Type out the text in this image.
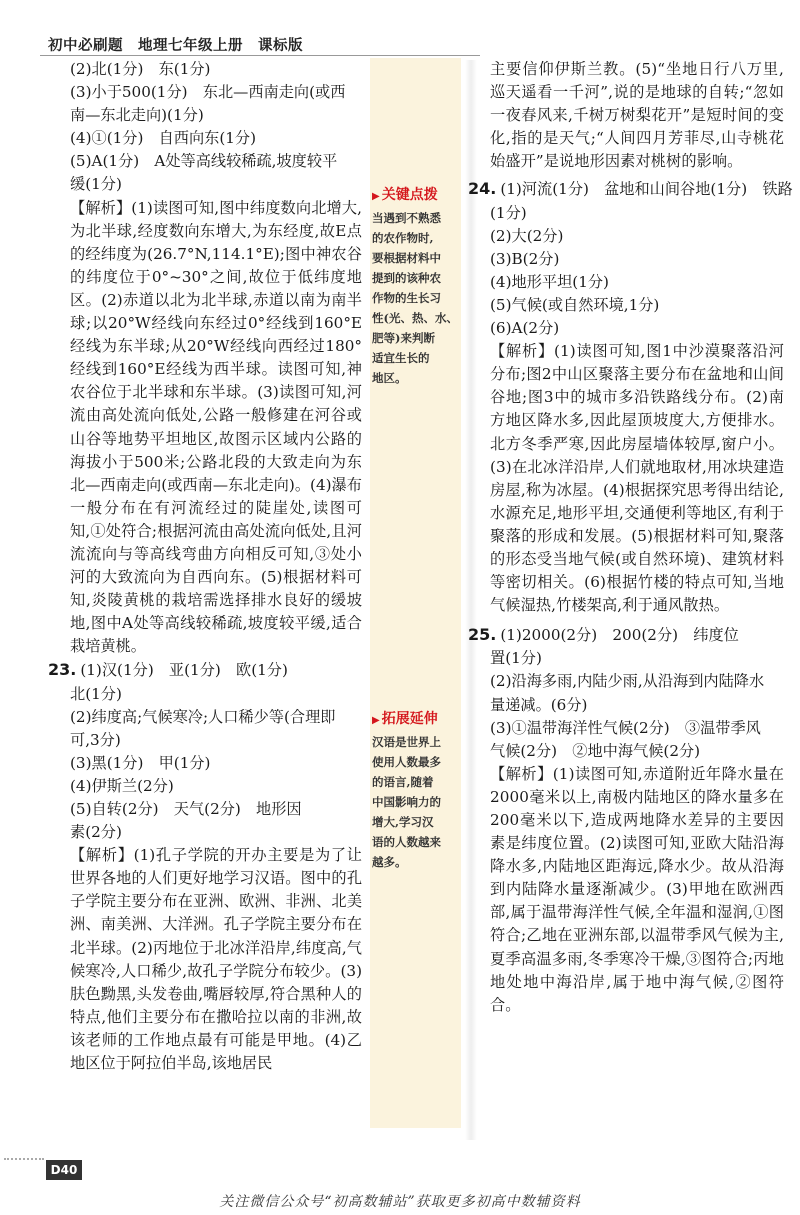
初中必刷题　地理七年级上册　课标版
(2)北(1分)　东(1分)
(3)小于500(1分)　东北—西南走向(或西
南—东北走向)(1分)
(4)①(1分)　自西向东(1分)
(5)A(1分)　A处等高线较稀疏,坡度较平
缓(1分)
【解析】(1)读图可知,图中纬度数向北增大,为北半球,经度数向东增大,为东经度,故E点的经纬度为(26.7°N,114.1°E);图中神农谷的纬度位于0°~30°之间,故位于低纬度地区。(2)赤道以北为北半球,赤道以南为南半球;以20°W经线向东经过0°经线到160°E经线为东半球;从20°W经线向西经过180°经线到160°E经线为西半球。读图可知,神农谷位于北半球和东半球。(3)读图可知,河流由高处流向低处,公路一般修建在河谷或山谷等地势平坦地区,故图示区域内公路的海拔小于500米;公路北段的大致走向为东北—西南走向(或西南—东北走向)。(4)瀑布一般分布在有河流经过的陡崖处,读图可知,①处符合;根据河流由高处流向低处,且河流流向与等高线弯曲方向相反可知,③处小河的大致流向为自西向东。(5)根据材料可知,炎陵黄桃的栽培需选择排水良好的缓坡地,图中A处等高线较稀疏,坡度较平缓,适合栽培黄桃。
23. (1)汉(1分)　亚(1分)　欧(1分)
北(1分)
(2)纬度高;气候寒冷;人口稀少等(合理即
可,3分)
(3)黑(1分)　甲(1分)
(4)伊斯兰(2分)
(5)自转(2分)　天气(2分)　地形因
素(2分)
【解析】(1)孔子学院的开办主要是为了让世界各地的人们更好地学习汉语。图中的孔子学院主要分布在亚洲、欧洲、非洲、北美洲、南美洲、大洋洲。孔子学院主要分布在北半球。(2)丙地位于北冰洋沿岸,纬度高,气候寒冷,人口稀少,故孔子学院分布较少。(3)肤色黝黑,头发卷曲,嘴唇较厚,符合黑种人的特点,他们主要分布在撒哈拉以南的非洲,故该老师的工作地点最有可能是甲地。(4)乙地区位于阿拉伯半岛,该地居民
▶ 关键点拨
当遇到不熟悉
的农作物时,
要根据材料中
提到的该种农
作物的生长习
性(光、热、水、
肥等)来判断
适宜生长的
地区。
▶ 拓展延伸
汉语是世界上
使用人数最多
的语言,随着
中国影响力的
增大,学习汉
语的人数越来
越多。
主要信仰伊斯兰教。(5)“坐地日行八万里,巡天遥看一千河”,说的是地球的自转;“忽如一夜春风来,千树万树梨花开”是短时间的变化,指的是天气;“人间四月芳菲尽,山寺桃花始盛开”是说地形因素对桃树的影响。
24. (1)河流(1分)　盆地和山间谷地(1分)　铁路
(1分)
(2)大(2分)
(3)B(2分)
(4)地形平坦(1分)
(5)气候(或自然环境,1分)
(6)A(2分)
【解析】(1)读图可知,图1中沙漠聚落沿河分布;图2中山区聚落主要分布在盆地和山间谷地;图3中的城市多沿铁路线分布。(2)南方地区降水多,因此屋顶坡度大,方便排水。北方冬季严寒,因此房屋墙体较厚,窗户小。(3)在北冰洋沿岸,人们就地取材,用冰块建造房屋,称为冰屋。(4)根据探究思考得出结论,水源充足,地形平坦,交通便利等地区,有利于聚落的形成和发展。(5)根据材料可知,聚落的形态受当地气候(或自然环境)、建筑材料等密切相关。(6)根据竹楼的特点可知,当地气候湿热,竹楼架高,利于通风散热。
25. (1)2000(2分)　200(2分)　纬度位
置(1分)
(2)沿海多雨,内陆少雨,从沿海到内陆降水
量递减。(6分)
(3)①温带海洋性气候(2分)　③温带季风
气候(2分)　②地中海气候(2分)
【解析】(1)读图可知,赤道附近年降水量在2000毫米以上,南极内陆地区的降水量多在200毫米以下,造成两地降水差异的主要因素是纬度位置。(2)读图可知,亚欧大陆沿海降水多,内陆地区距海远,降水少。故从沿海到内陆降水量逐渐减少。(3)甲地在欧洲西部,属于温带海洋性气候,全年温和湿润,①图符合;乙地在亚洲东部,以温带季风气候为主,夏季高温多雨,冬季寒冷干燥,③图符合;丙地地处地中海沿岸,属于地中海气候,②图符合。
D40
关注微信公众号“初高数辅站”获取更多初高中数辅资料
